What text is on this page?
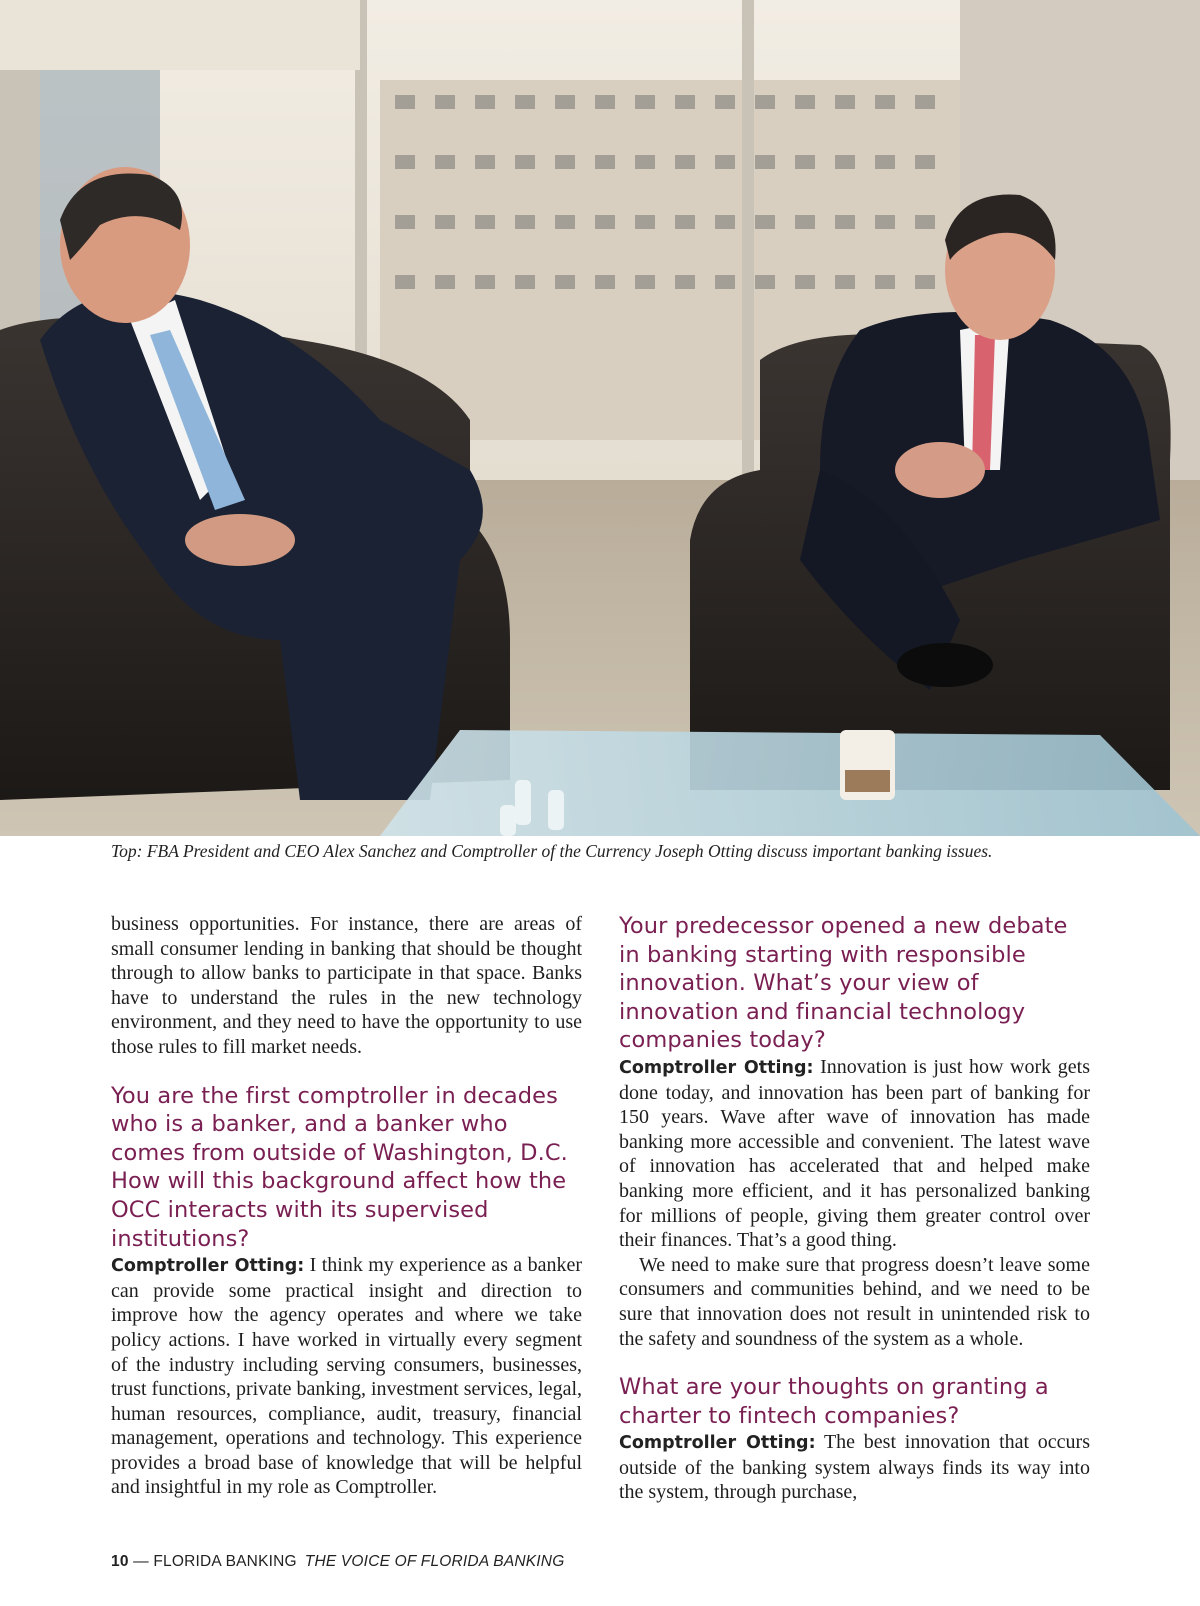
Top: FBA President and CEO Alex Sanchez and Comptroller of the Currency Joseph Otting discuss important banking issues.

business opportunities. For instance, there are areas of small consumer lending in banking that should be thought through to allow banks to participate in that space. Banks have to understand the rules in the new technology environment, and they need to have the opportunity to use those rules to fill market needs.

You are the first comptroller in decades who is a banker, and a banker who comes from outside of Washington, D.C. How will this background affect how the OCC interacts with its supervised institutions?

Comptroller Otting: I think my experience as a banker can provide some practical insight and direction to improve how the agency operates and where we take policy actions. I have worked in virtually every segment of the industry including serving consumers, businesses, trust functions, private banking, investment services, legal, human resources, compliance, audit, treasury, financial management, operations and technology. This experience provides a broad base of knowledge that will be helpful and insightful in my role as Comptroller.

Your predecessor opened a new debate in banking starting with responsible innovation. What’s your view of innovation and financial technology companies today?

Comptroller Otting: Innovation is just how work gets done today, and innovation has been part of banking for 150 years. Wave after wave of innovation has made banking more accessible and convenient. The latest wave of innovation has accelerated that and helped make banking more efficient, and it has personalized banking for millions of people, giving them greater control over their finances. That’s a good thing.

We need to make sure that progress doesn’t leave some consumers and communities behind, and we need to be sure that innovation does not result in unintended risk to the safety and soundness of the system as a whole.

What are your thoughts on granting a charter to fintech companies?

Comptroller Otting: The best innovation that occurs outside of the banking system always finds its way into the system, through purchase,

10 — FLORIDA BANKING THE VOICE OF FLORIDA BANKING
